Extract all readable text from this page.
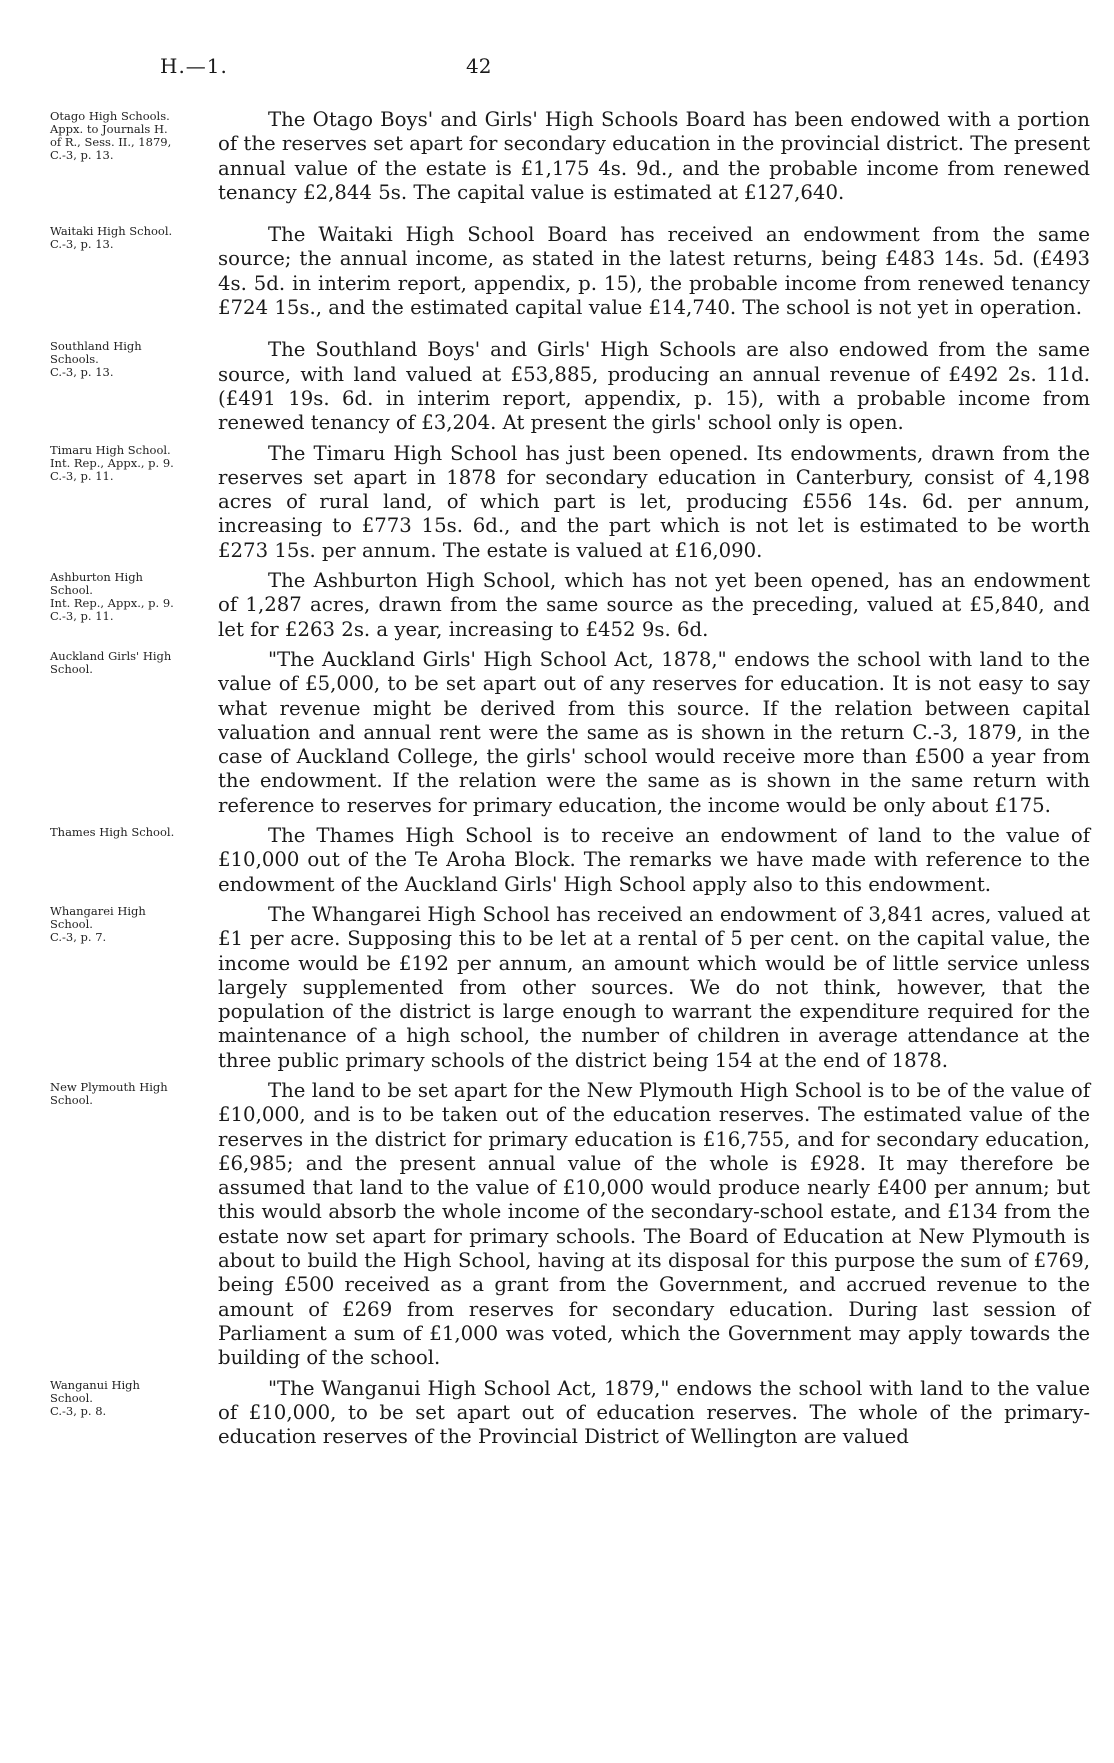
H.—1.	42
Otago High Schools.
Appx. to Journals H. of R., Sess. II., 1879, C.-3, p. 13.
The Otago Boys' and Girls' High Schools Board has been endowed with a portion of the reserves set apart for secondary education in the provincial district. The present annual value of the estate is £1,175 4s. 9d., and the probable income from renewed tenancy £2,844 5s. The capital value is estimated at £127,640.
Waitaki High School.
C.-3, p. 13.	The Waitaki High School Board has received an endowment from the same source; the annual income, as stated in the latest returns, being £483 14s. 5d. (£493 4s. 5d. in interim report, appendix, p. 15), the probable income from renewed tenancy £724 15s., and the estimated capital value £14,740. The school is not yet in operation.
Southland High Schools.
C.-3, p. 13.
The Southland Boys' and Girls' High Schools are also endowed from the same source, with land valued at £53,885, producing an annual revenue of £492 2s. 11d. (£491 19s. 6d. in interim report, appendix, p. 15), with a probable income from renewed tenancy of £3,204. At present the girls' school only is open.
Timaru High School.
Int. Rep., Appx., p. 9.
C.-3, p. 11.
The Timaru High School has just been opened. Its endowments, drawn from the reserves set apart in 1878 for secondary education in Canterbury, consist of 4,198 acres of rural land, of which part is let, producing £556 14s. 6d. per annum, increasing to £773 15s. 6d., and the part which is not let is estimated to be worth £273 15s. per annum. The estate is valued at £16,090.
Ashburton High School.
Int. Rep., Appx., p. 9.
C.-3, p. 11.
The Ashburton High School, which has not yet been opened, has an endowment of 1,287 acres, drawn from the same source as the preceding, valued at £5,840, and let for £263 2s. a year, increasing to £452 9s. 6d.
Auckland Girls' High School.	"The Auckland Girls' High School Act, 1878," endows the school with land to the value of £5,000, to be set apart out of any reserves for education. It is not easy to say what revenue might be derived from this source. If the relation between capital valuation and annual rent were the same as is shown in the return C.-3, 1879, in the case of Auckland College, the girls' school would receive more than £500 a year from the endowment. If the relation were the same as is shown in the same return with reference to reserves for primary education, the income would be only about £175.
Thames High School.	The Thames High School is to receive an endowment of land to the value of £10,000 out of the Te Aroha Block. The remarks we have made with reference to the endowment of the Auckland Girls' High School apply also to this endowment.
Whangarei High School.
C.-3, p. 7.
The Whangarei High School has received an endowment of 3,841 acres, valued at £1 per acre. Supposing this to be let at a rental of 5 per cent. on the capital value, the income would be £192 per annum, an amount which would be of little service unless largely supplemented from other sources. We do not think, however, that the population of the district is large enough to warrant the expenditure required for the maintenance of a high school, the number of children in average attendance at the three public primary schools of the district being 154 at the end of 1878.
New Plymouth High School.	The land to be set apart for the New Plymouth High School is to be of the value of £10,000, and is to be taken out of the education reserves. The estimated value of the reserves in the district for primary education is £16,755, and for secondary education, £6,985; and the present annual value of the whole is £928. It may therefore be assumed that land to the value of £10,000 would produce nearly £400 per annum; but this would absorb the whole income of the secondary-school estate, and £134 from the estate now set apart for primary schools. The Board of Education at New Plymouth is about to build the High School, having at its disposal for this purpose the sum of £769, being £500 received as a grant from the Government, and accrued revenue to the amount of £269 from reserves for secondary education. During last session of Parliament a sum of £1,000 was voted, which the Government may apply towards the building of the school.
Wanganui High School.
C.-3, p. 8.
"The Wanganui High School Act, 1879," endows the school with land to the value of £10,000, to be set apart out of education reserves. The whole of the primary-education reserves of the Provincial District of Wellington are valued
